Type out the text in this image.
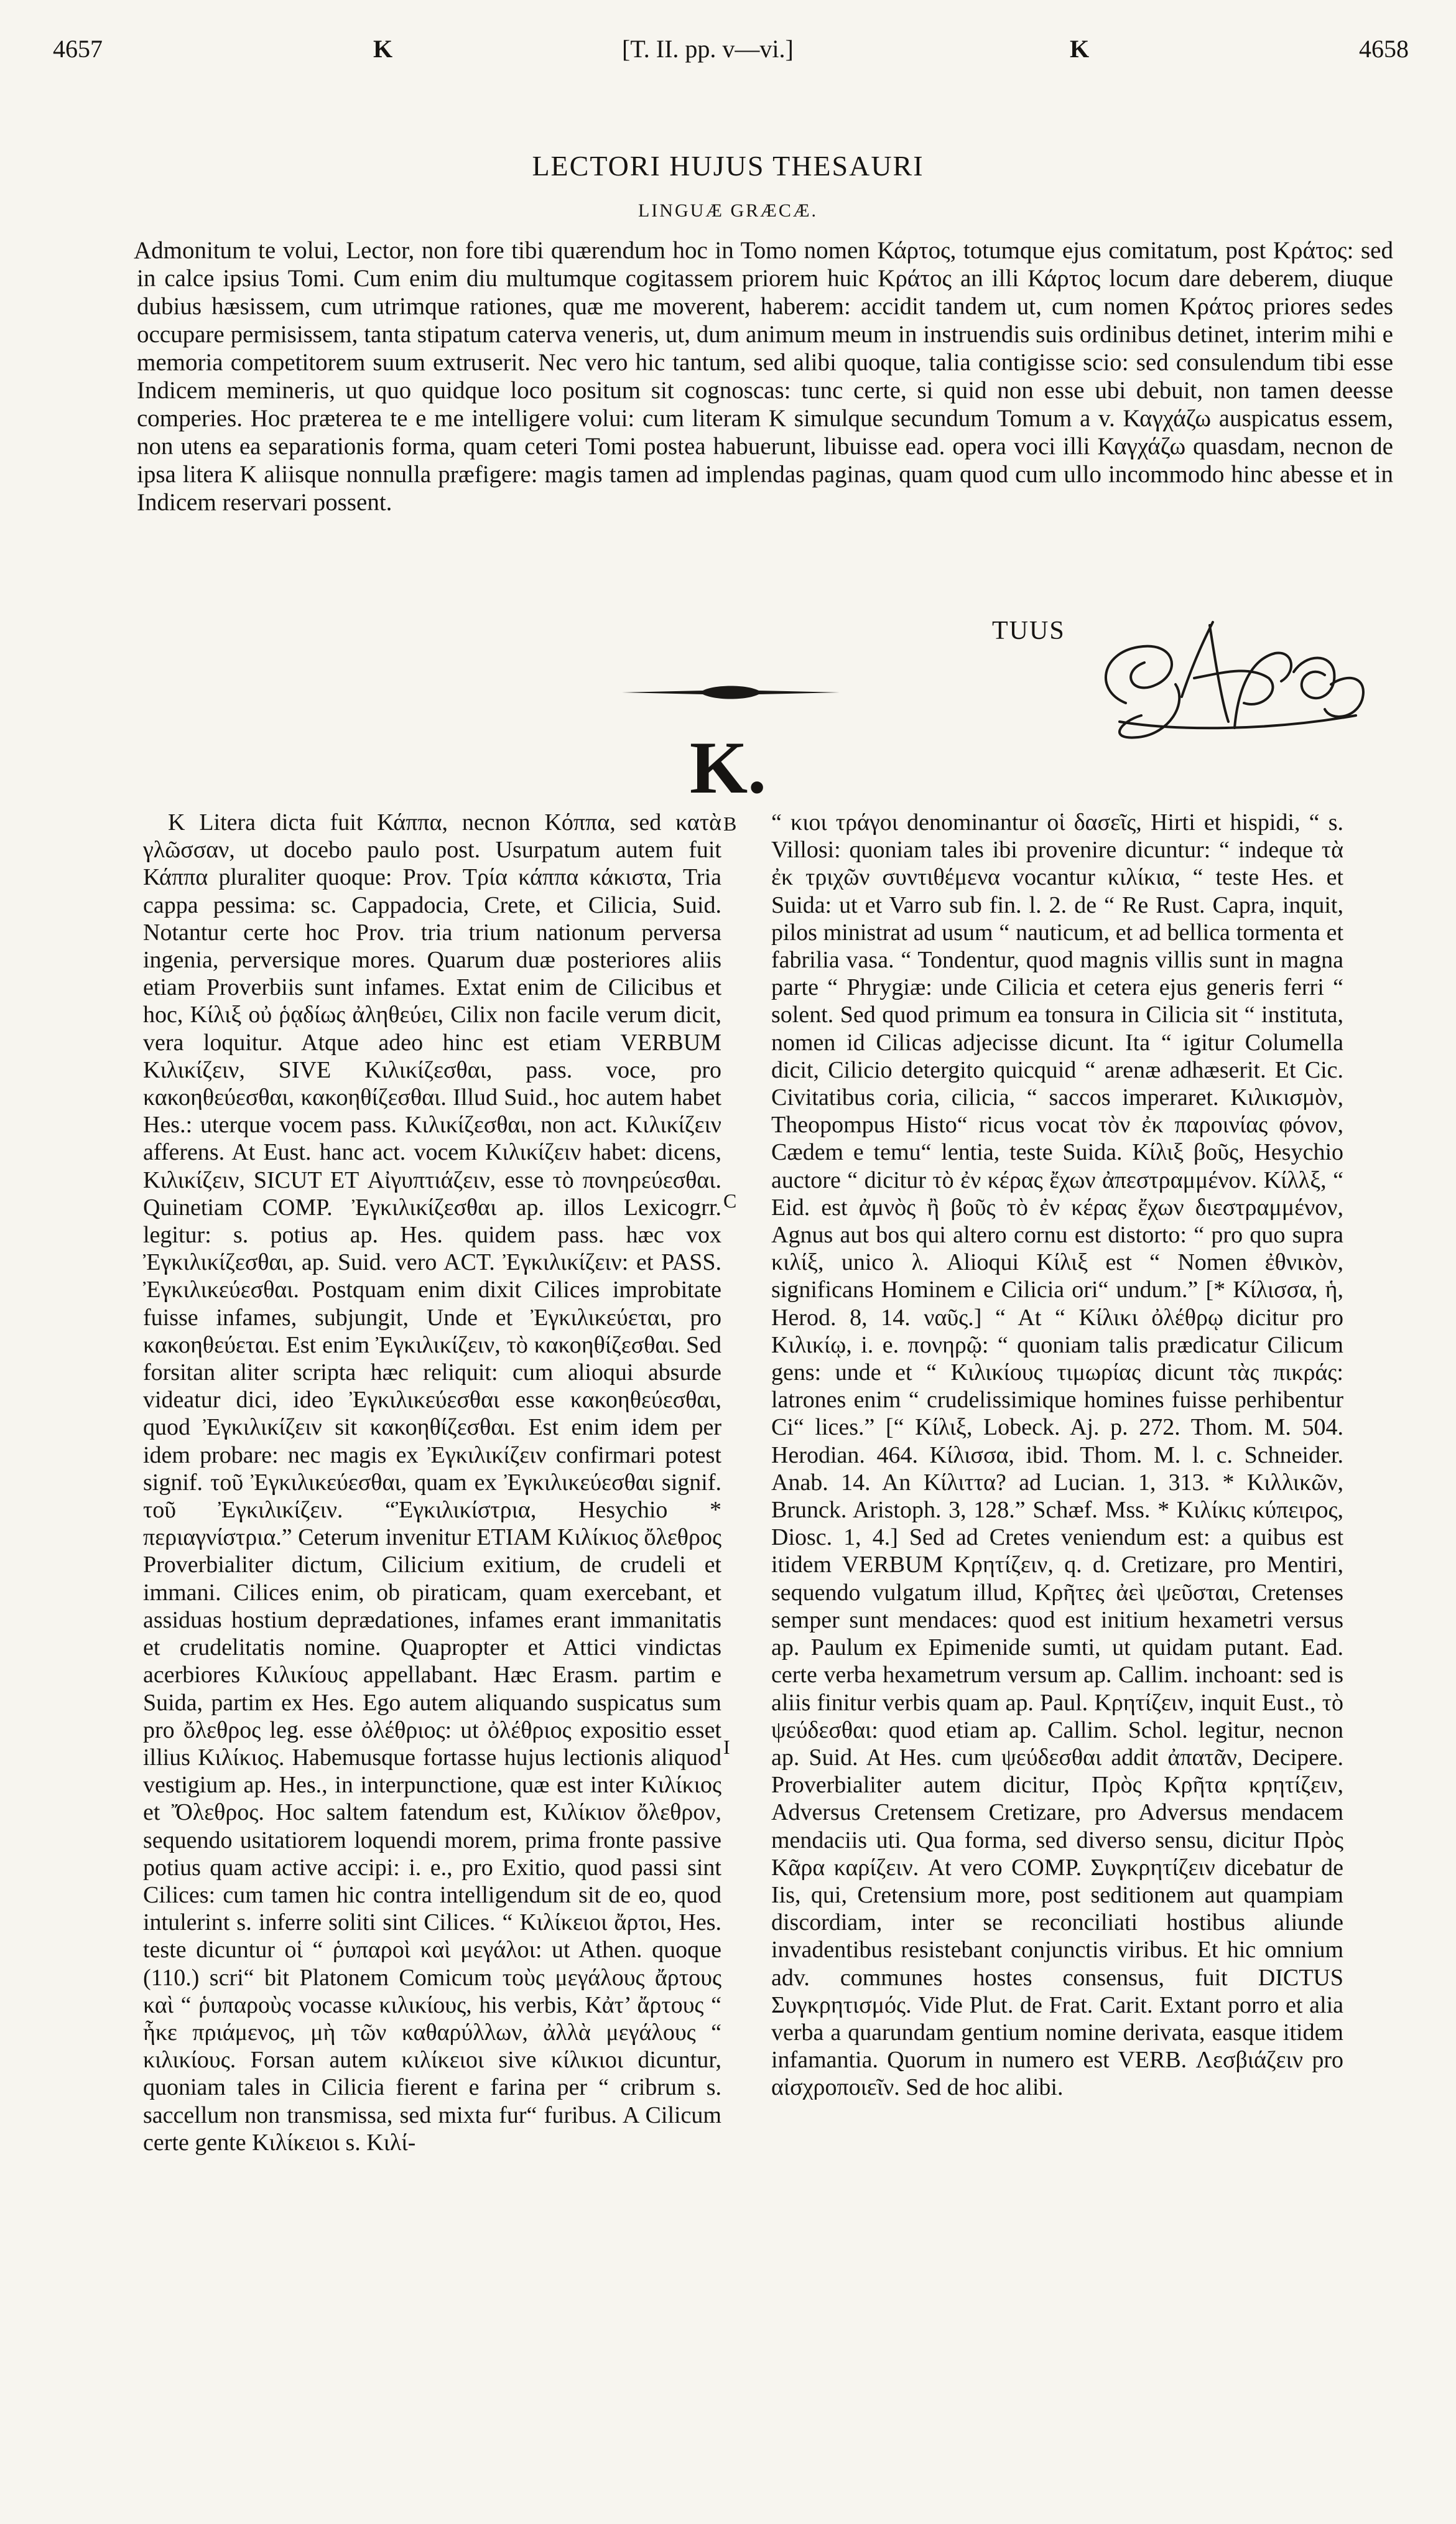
4657	K	[T. II. pp. v—vi.]	K	4658
LECTORI HUJUS THESAURI
LINGUÆ GRÆCÆ.

Admonitum te volui, Lector, non fore tibi quærendum hoc in Tomo nomen Κάρτος, totumque ejus comitatum, post Κράτος: sed in calce ipsius Tomi. Cum enim diu multumque cogitassem priorem huic Κράτος an illi Κάρτος locum dare deberem, diuque dubius hæsissem, cum utrimque rationes, quæ me moverent, haberem: accidit tandem ut, cum nomen Κράτος priores sedes occupare permisissem, tanta stipatum caterva veneris, ut, dum animum meum in instruendis suis ordinibus detinet, interim mihi e memoria competitorem suum extruserit. Nec vero hic tantum, sed alibi quoque, talia contigisse scio: sed consulendum tibi esse Indicem memineris, ut quo quidque loco positum sit cognoscas: tunc certe, si quid non esse ubi debuit, non tamen deesse comperies. Hoc præterea te e me intelligere volui: cum literam K simulque secundum Tomum a v. Καγχάζω auspicatus essem, non utens ea separationis forma, quam ceteri Tomi postea habuerunt, libuisse ead. opera voci illi Καγχάζω quasdam, necnon de ipsa litera K aliisque nonnulla præfigere: magis tamen ad implendas paginas, quam quod cum ullo incommodo hinc abesse et in Indicem reservari possent.

TUUS
K.
B
C
I

K Litera dicta fuit Κάππα, necnon Κόππα, sed κατὰ γλῶσσαν, ut docebo paulo post. Usurpatum autem fuit Κάππα pluraliter quoque: Prov. Τρία κάππα κάκιστα, Tria cappa pessima: sc. Cappadocia, Crete, et Cilicia, Suid. Notantur certe hoc Prov. tria trium nationum perversa ingenia, perversique mores. Quarum duæ posteriores aliis etiam Proverbiis sunt infames. Extat enim de Cilicibus et hoc, Κίλιξ οὐ ῥᾳδίως ἀληθεύει, Cilix non facile verum dicit, vera loquitur. Atque adeo hinc est etiam VERBUM Κιλικίζειν, SIVE Κιλικίζεσθαι, pass. voce, pro κακοηθεύεσθαι, κακοηθίζεσθαι. Illud Suid., hoc autem habet Hes.: uterque vocem pass. Κιλικίζεσθαι, non act. Κιλικίζειν afferens. At Eust. hanc act. vocem Κιλικίζειν habet: dicens, Κιλικίζειν, SICUT ET Αἰγυπτιάζειν, esse τὸ πονηρεύεσθαι. Quinetiam COMP. Ἐγκιλικίζεσθαι ap. illos Lexicogrr. legitur: s. potius ap. Hes. quidem pass. hæc vox Ἐγκιλικίζεσθαι, ap. Suid. vero ACT. Ἐγκιλικίζειν: et PASS. Ἐγκιλικεύεσθαι. Postquam enim dixit Cilices improbitate fuisse infames, subjungit, Unde et Ἐγκιλικεύεται, pro κακοηθεύεται. Est enim Ἐγκιλικίζειν, τὸ κακοηθίζεσθαι. Sed forsitan aliter scripta hæc reliquit: cum alioqui absurde videatur dici, ideo Ἐγκιλικεύεσθαι esse κακοηθεύεσθαι, quod Ἐγκιλικίζειν sit κακοηθίζεσθαι. Est enim idem per idem probare: nec magis ex Ἐγκιλικίζειν confirmari potest signif. τοῦ Ἐγκιλικεύεσθαι, quam ex Ἐγκιλικεύεσθαι signif. τοῦ Ἐγκιλικίζειν. “Ἐγκιλικίστρια, Hesychio * περιαγνίστρια.” Ceterum invenitur ETIAM Κιλίκιος ὄλεθρος Proverbialiter dictum, Cilicium exitium, de crudeli et immani. Cilices enim, ob piraticam, quam exercebant, et assiduas hostium deprædationes, infames erant immanitatis et crudelitatis nomine. Quapropter et Attici vindictas acerbiores Κιλικίους appellabant. Hæc Erasm. partim e Suida, partim ex Hes. Ego autem aliquando suspicatus sum pro ὄλεθρος leg. esse ὀλέθριος: ut ὀλέθριος expositio esset illius Κιλίκιος. Habemusque fortasse hujus lectionis aliquod vestigium ap. Hes., in interpunctione, quæ est inter Κιλίκιος et Ὄλεθρος. Hoc saltem fatendum est, Κιλίκιον ὄλεθρον, sequendo usitatiorem loquendi morem, prima fronte passive potius quam active accipi: i. e., pro Exitio, quod passi sint Cilices: cum tamen hic contra intelligendum sit de eo, quod intulerint s. inferre soliti sint Cilices. “ Κιλίκειοι ἄρτοι, Hes. teste dicuntur οἱ “ ῥυπαροὶ καὶ μεγάλοι: ut Athen. quoque (110.) scri“ bit Platonem Comicum τοὺς μεγάλους ἄρτους καὶ “ ῥυπαροὺς vocasse κιλικίους, his verbis, Κἀτ’ ἄρτους “ ἧκε πριάμενος, μὴ τῶν καθαρύλλων, ἀλλὰ μεγάλους “ κιλικίους. Forsan autem κιλίκειοι sive κίλικιοι dicuntur, quoniam tales in Cilicia fierent e farina per “ cribrum s. saccellum non transmissa, sed mixta fur“ furibus. A Cilicum certe gente Κιλίκειοι s. Κιλί-

“ κιοι τράγοι denominantur οἱ δασεῖς, Hirti et hispidi, “ s. Villosi: quoniam tales ibi provenire dicuntur: “ indeque τὰ ἐκ τριχῶν συντιθέμενα vocantur κιλίκια, “ teste Hes. et Suida: ut et Varro sub fin. l. 2. de “ Re Rust. Capra, inquit, pilos ministrat ad usum “ nauticum, et ad bellica tormenta et fabrilia vasa. “ Tondentur, quod magnis villis sunt in magna parte “ Phrygiæ: unde Cilicia et cetera ejus generis ferri “ solent. Sed quod primum ea tonsura in Cilicia sit “ instituta, nomen id Cilicas adjecisse dicunt. Ita “ igitur Columella dicit, Cilicio detergito quicquid “ arenæ adhæserit. Et Cic. Civitatibus coria, cilicia, “ saccos imperaret. Κιλικισμὸν, Theopompus Histo“ ricus vocat τὸν ἐκ παροινίας φόνον, Cædem e temu“ lentia, teste Suida. Κίλιξ βοῦς, Hesychio auctore “ dicitur τὸ ἐν κέρας ἔχων ἀπεστραμμένον. Κίλλξ, “ Eid. est ἀμνὸς ἢ βοῦς τὸ ἐν κέρας ἔχων διεστραμμένον, Agnus aut bos qui altero cornu est distorto: “ pro quo supra κιλίξ, unico λ. Alioqui Κίλιξ est “ Nomen ἐθνικὸν, significans Hominem e Cilicia ori“ undum.” [* Κίλισσα, ἡ, Herod. 8, 14. ναῦς.] “ At “ Κίλικι ὀλέθρῳ dicitur pro Κιλικίῳ, i. e. πονηρῷ: “ quoniam talis prædicatur Cilicum gens: unde et “ Κιλικίους τιμωρίας dicunt τὰς πικράς: latrones enim “ crudelissimique homines fuisse perhibentur Ci“ lices.” [“ Κίλιξ, Lobeck. Aj. p. 272. Thom. M. 504. Herodian. 464. Κίλισσα, ibid. Thom. M. l. c. Schneider. Anab. 14. An Κίλιττα? ad Lucian. 1, 313. * Κιλλικῶν, Brunck. Aristoph. 3, 128.” Schæf. Mss. * Κιλίκις κύπειρος, Diosc. 1, 4.] Sed ad Cretes veniendum est: a quibus est itidem VERBUM Κρητίζειν, q. d. Cretizare, pro Mentiri, sequendo vulgatum illud, Κρῆτες ἀεὶ ψεῦσται, Cretenses semper sunt mendaces: quod est initium hexametri versus ap. Paulum ex Epimenide sumti, ut quidam putant. Ead. certe verba hexametrum versum ap. Callim. inchoant: sed is aliis finitur verbis quam ap. Paul. Κρητίζειν, inquit Eust., τὸ ψεύδεσθαι: quod etiam ap. Callim. Schol. legitur, necnon ap. Suid. At Hes. cum ψεύδεσθαι addit ἀπατᾶν, Decipere. Proverbialiter autem dicitur, Πρὸς Κρῆτα κρητίζειν, Adversus Cretensem Cretizare, pro Adversus mendacem mendaciis uti. Qua forma, sed diverso sensu, dicitur Πρὸς Κᾶρα καρίζειν. At vero COMP. Συγκρητίζειν dicebatur de Iis, qui, Cretensium more, post seditionem aut quampiam discordiam, inter se reconciliati hostibus aliunde invadentibus resistebant conjunctis viribus. Et hic omnium adv. communes hostes consensus, fuit DICTUS Συγκρητισμός. Vide Plut. de Frat. Carit. Extant porro et alia verba a quarundam gentium nomine derivata, easque itidem infamantia. Quorum in numero est VERB. Λεσβιάζειν pro αἰσχροποιεῖν. Sed de hoc alibi.
